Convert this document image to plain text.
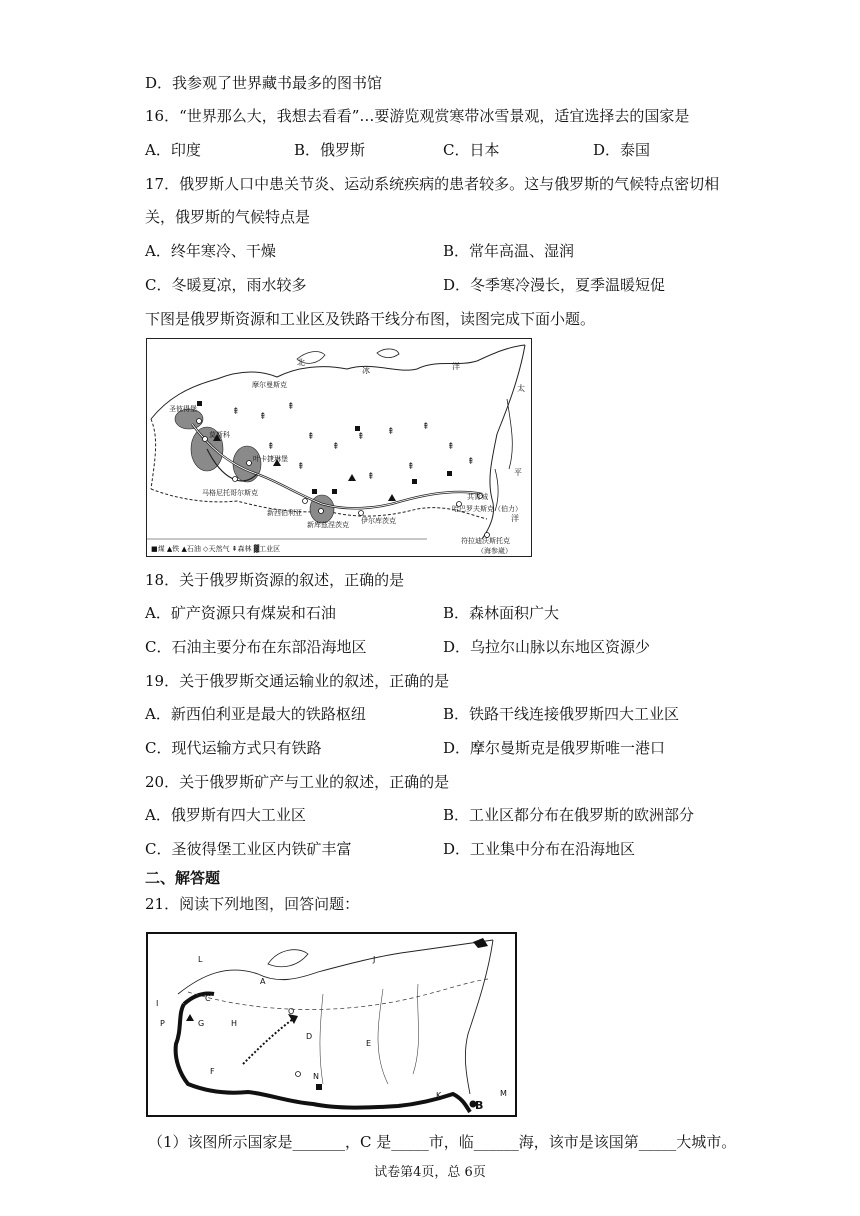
D．我参观了世界藏书最多的图书馆
16．“世界那么大，我想去看看”…要游览观赏寒带冰雪景观，适宜选择去的国家是
A．印度	B．俄罗斯	C．日本	D．泰国
17．俄罗斯人口中患关节炎、运动系统疾病的患者较多。这与俄罗斯的气候特点密切相
关，俄罗斯的气候特点是
A．终年寒冷、干燥	B．常年高温、湿润
C．冬暖夏凉，雨水较多	D．冬季寒冷漫长，夏季温暖短促
下图是俄罗斯资源和工业区及铁路干线分布图，读图完成下面小题。
⇞ ⇞
⇞
⇞
⇞
⇞
⇞ ⇞	⇞
⇞
⇞	⇞
⇞
⇞
摩尔曼斯克
圣彼得堡
莫斯科
叶卡捷琳堡
马格尼托哥尔斯克
新西伯利亚
新库兹涅茨克 伊尔库茨克
哈巴罗夫斯克（伯力）
共青城
符拉迪沃斯托克
（海参崴）
北
冰	洋
太
平
洋
■煤 ▲铁 ▲石油 ◇天然气 ⇞森林 ▓工业区
18．关于俄罗斯资源的叙述，正确的是
A．矿产资源只有煤炭和石油	B．森林面积广大
C．石油主要分布在东部沿海地区	D．乌拉尔山脉以东地区资源少
19．关于俄罗斯交通运输业的叙述，正确的是
A．新西伯利亚是最大的铁路枢纽	B．铁路干线连接俄罗斯四大工业区
C．现代运输方式只有铁路	D．摩尔曼斯克是俄罗斯唯一港口
20．关于俄罗斯矿产与工业的叙述，正确的是
A．俄罗斯有四大工业区	B．工业区都分布在俄罗斯的欧洲部分
C．圣彼得堡工业区内铁矿丰富	D．工业集中分布在沿海地区
二、解答题
21．阅读下列地图，回答问题：
L
A
J
I
C
P	G	H
O
D
E
F
N
K	M
B
（1）该图所示国家是_______，C 是_____市，临______海，该市是该国第_____大城市。
试卷第4页，总 6页
